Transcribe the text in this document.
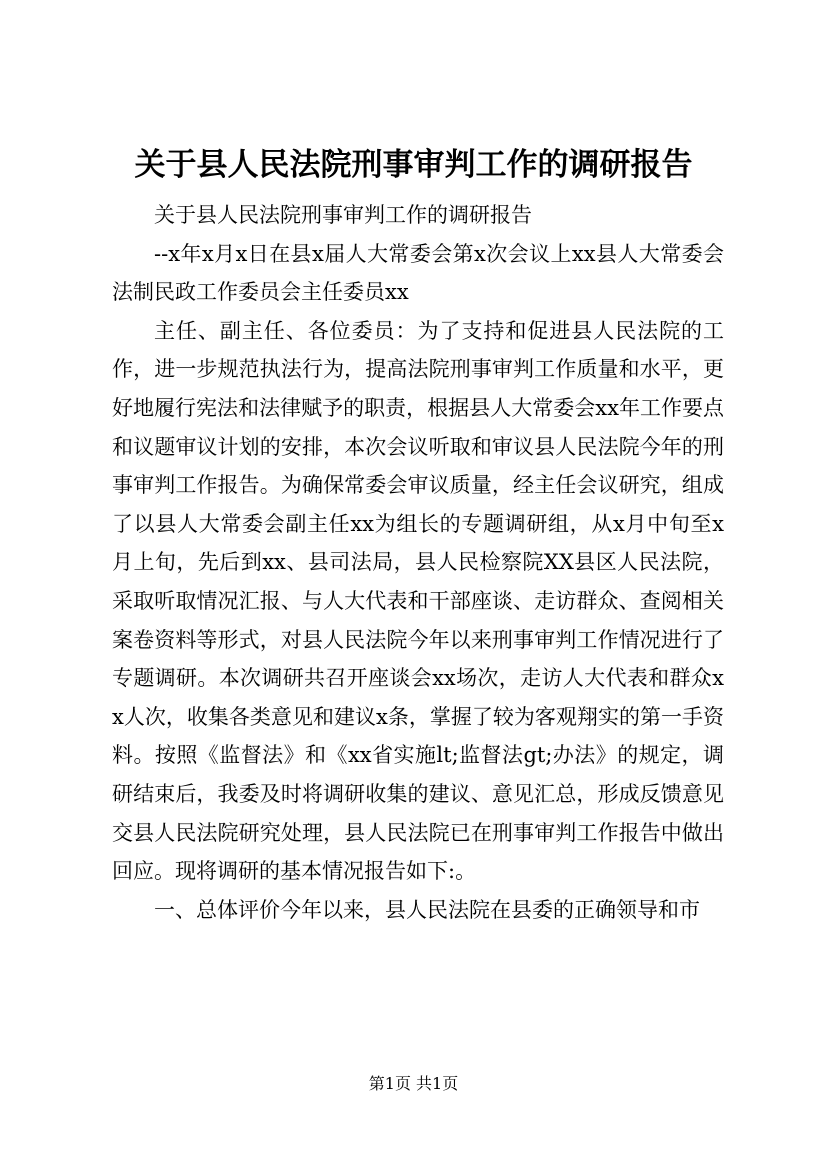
关于县人民法院刑事审判工作的调研报告

关于县人民法院刑事审判工作的调研报告

--x年x月x日在县x届人大常委会第x次会议上xx县人大常委会法制民政工作委员会主任委员xx

主任、副主任、各位委员：为了支持和促进县人民法院的工作，进一步规范执法行为，提高法院刑事审判工作质量和水平，更好地履行宪法和法律赋予的职责，根据县人大常委会xx年工作要点和议题审议计划的安排，本次会议听取和审议县人民法院今年的刑事审判工作报告。为确保常委会审议质量，经主任会议研究，组成了以县人大常委会副主任xx为组长的专题调研组，从x月中旬至x月上旬，先后到xx、县司法局，县人民检察院XX县区人民法院，采取听取情况汇报、与人大代表和干部座谈、走访群众、查阅相关案卷资料等形式，对县人民法院今年以来刑事审判工作情况进行了专题调研。本次调研共召开座谈会xx场次，走访人大代表和群众xx人次，收集各类意见和建议x条，掌握了较为客观翔实的第一手资料。按照《监督法》和《xx省实施lt;监督法gt;办法》的规定，调研结束后，我委及时将调研收集的建议、意见汇总，形成反馈意见交县人民法院研究处理，县人民法院已在刑事审判工作报告中做出回应。现将调研的基本情况报告如下:。

一、总体评价今年以来，县人民法院在县委的正确领导和市

第1页 共1页
